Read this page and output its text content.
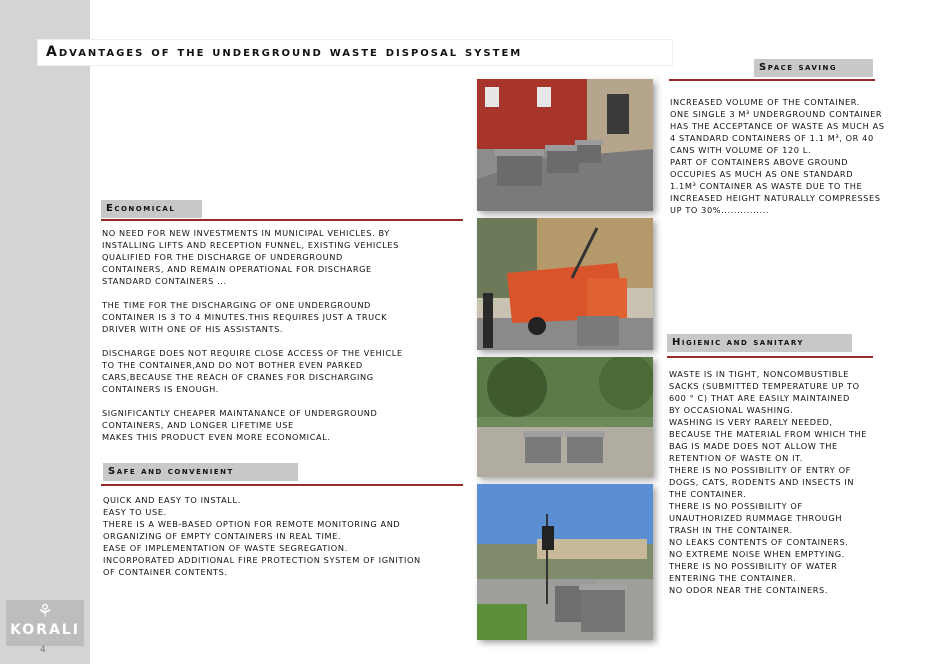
⚘
KORALI
4
Advantages of the underground waste disposal system
Space saving

INCREASED VOLUME OF THE CONTAINER.

ONE SINGLE 3 M³ UNDERGROUND CONTAINER

HAS THE ACCEPTANCE OF WASTE AS MUCH AS

4 STANDARD CONTAINERS OF 1.1 M³, OR 40

CANS WITH VOLUME OF 120 L.

PART OF CONTAINERS ABOVE GROUND

OCCUPIES AS MUCH AS ONE STANDARD

1.1M³ CONTAINER AS WASTE DUE TO THE

INCREASED HEIGHT NATURALLY COMPRESSES

UP TO 30%...............

Economical

NO NEED FOR NEW INVESTMENTS IN MUNICIPAL VEHICLES. BY

INSTALLING LIFTS AND RECEPTION FUNNEL, EXISTING VEHICLES

QUALIFIED FOR THE DISCHARGE OF UNDERGROUND

CONTAINERS, AND REMAIN OPERATIONAL FOR DISCHARGE

STANDARD CONTAINERS ...

THE TIME FOR THE DISCHARGING OF ONE UNDERGROUND

CONTAINER IS 3 TO 4 MINUTES.THIS REQUIRES JUST A TRUCK

DRIVER WITH ONE OF HIS ASSISTANTS.

DISCHARGE DOES NOT REQUIRE CLOSE ACCESS OF THE VEHICLE

TO THE CONTAINER,AND DO NOT BOTHER EVEN PARKED

CARS,BECAUSE THE REACH OF CRANES FOR DISCHARGING

CONTAINERS IS ENOUGH.

SIGNIFICANTLY CHEAPER MAINTANANCE OF UNDERGROUND

CONTAINERS, AND LONGER LIFETIME USE

MAKES THIS PRODUCT EVEN MORE ECONOMICAL.

Safe and convenient

QUICK AND EASY TO INSTALL.

EASY TO USE.

THERE IS A WEB-BASED OPTION FOR REMOTE MONITORING AND

ORGANIZING OF EMPTY CONTAINERS IN REAL TIME.

EASE OF IMPLEMENTATION OF WASTE SEGREGATION.

INCORPORATED ADDITIONAL FIRE PROTECTION SYSTEM OF IGNITION

OF CONTAINER CONTENTS.

Higienic and sanitary

WASTE IS IN TIGHT, NONCOMBUSTIBLE

SACKS (SUBMITTED TEMPERATURE UP TO

600 ° C) THAT ARE EASILY MAINTAINED

BY OCCASIONAL WASHING.

WASHING IS VERY RARELY NEEDED,

BECAUSE THE MATERIAL FROM WHICH THE

BAG IS MADE DOES NOT ALLOW THE

RETENTION OF WASTE ON IT.

THERE IS NO POSSIBILITY OF ENTRY OF

DOGS, CATS, RODENTS AND INSECTS IN

THE CONTAINER.

THERE IS NO POSSIBILITY OF

UNAUTHORIZED RUMMAGE THROUGH

TRASH IN THE CONTAINER.

NO LEAKS CONTENTS OF CONTAINERS.

NO EXTREME NOISE WHEN EMPTYING.

THERE IS NO POSSIBILITY OF WATER

ENTERING THE CONTAINER.

NO ODOR NEAR THE CONTAINERS.
